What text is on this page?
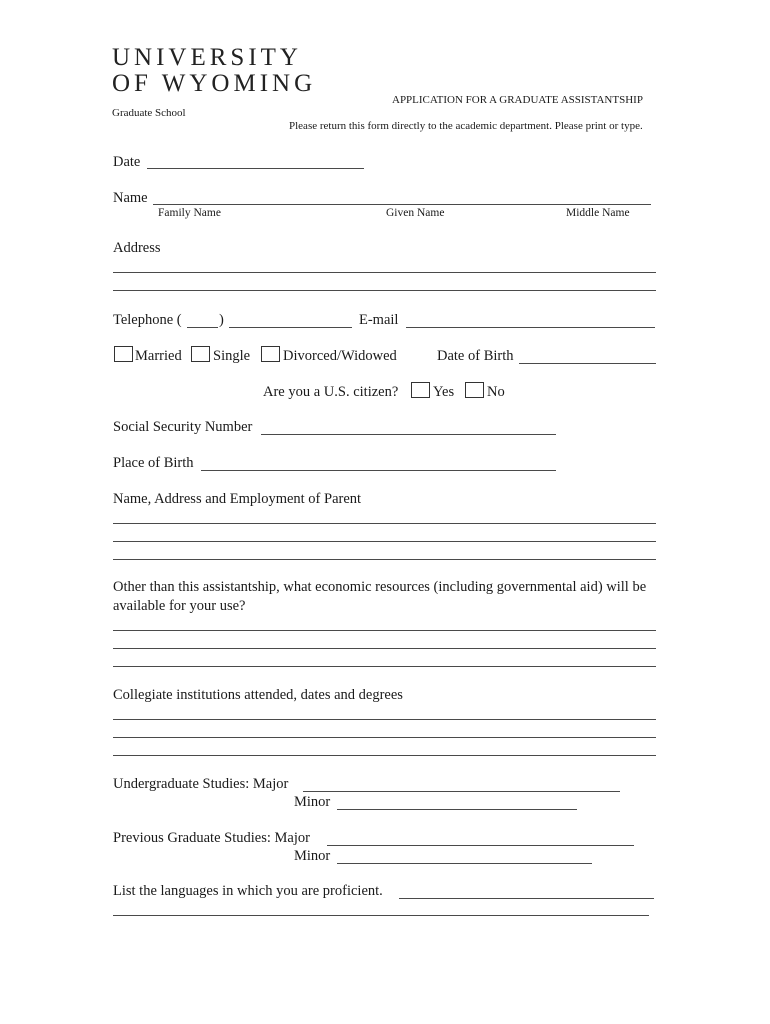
UNIVERSITY
OF WYOMING
Graduate School
APPLICATION FOR A GRADUATE ASSISTANTSHIP
Please return this form directly to the academic department. Please print or type.
Date
Name
Family Name	Given Name	Middle Name
Address
Telephone (	)	E-mail
Married Single Divorced/Widowed	Date of Birth
Are you a U.S. citizen? Yes No
Social Security Number
Place of Birth
Name, Address and Employment of Parent
Other than this assistantship, what economic resources (including governmental aid) will be available for your use?
Collegiate institutions attended, dates and degrees
Undergraduate Studies: Major
Minor
Previous Graduate Studies: Major
Minor
List the languages in which you are proficient.
